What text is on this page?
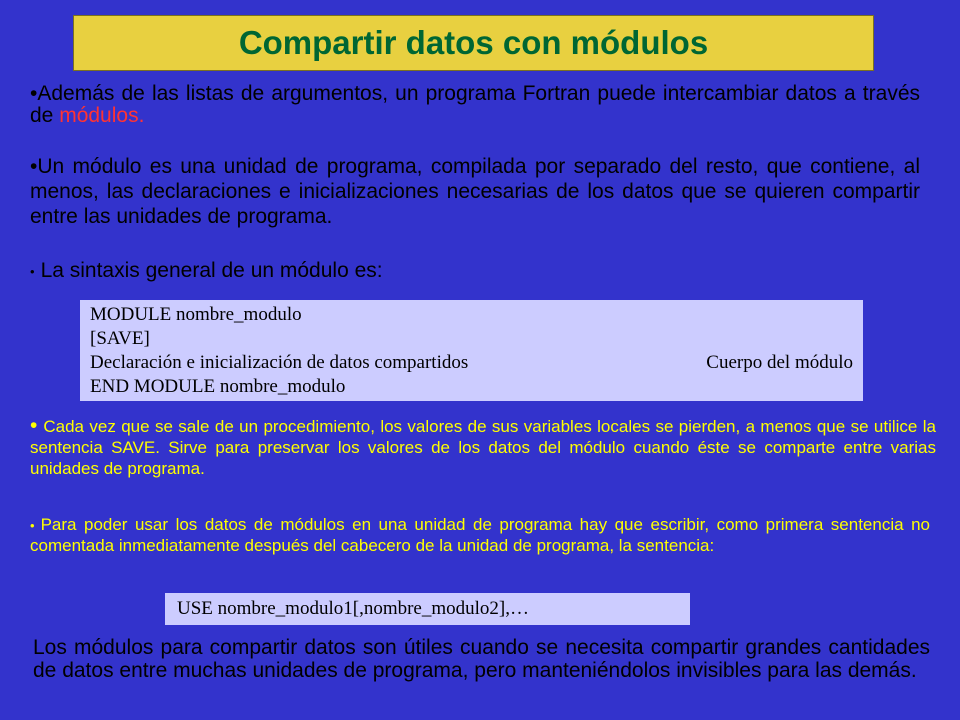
Compartir datos con módulos
•Además de las listas de argumentos, un programa Fortran puede intercambiar datos a través de módulos.
•Un módulo es una unidad de programa, compilada por separado del resto, que contiene, al menos, las declaraciones e inicializaciones necesarias de los datos que se quieren compartir entre las unidades de programa.
• La sintaxis general de un módulo es:
MODULE nombre_modulo
[SAVE]
Declaración e inicialización de datos compartidos	Cuerpo del módulo
END MODULE nombre_modulo
• Cada vez que se sale de un procedimiento, los valores de sus variables locales se pierden, a menos que se utilice la sentencia SAVE. Sirve para preservar los valores de los datos del módulo cuando éste se comparte entre varias unidades de programa.
• Para poder usar los datos de módulos en una unidad de programa hay que escribir, como primera sentencia no comentada inmediatamente después del cabecero de la unidad de programa, la sentencia:
USE nombre_modulo1[,nombre_modulo2],…
Los módulos para compartir datos son útiles cuando se necesita compartir grandes cantidades de datos entre muchas unidades de programa, pero manteniéndolos invisibles para las demás.
